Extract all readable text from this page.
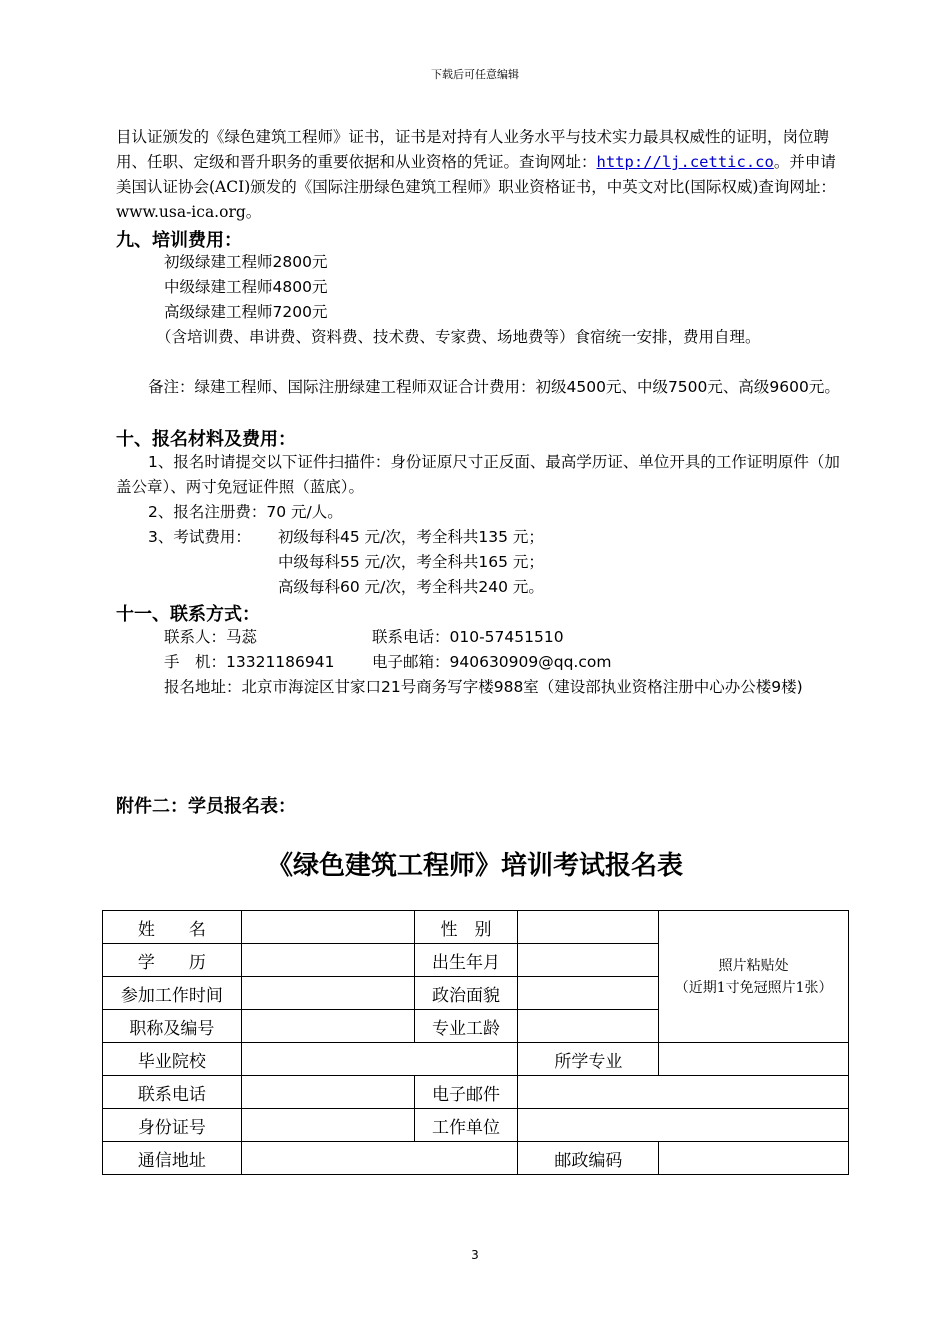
下载后可任意编辑
目认证颁发的《绿色建筑工程师》证书，证书是对持有人业务水平与技术实力最具权威性的证明，岗位聘用、任职、定级和晋升职务的重要依据和从业资格的凭证。查询网址：http://lj.cettic.co。并申请美国认证协会(ACI)颁发的《国际注册绿色建筑工程师》职业资格证书，中英文对比(国际权威)查询网址：www.usa-ica.org。
九、培训费用：
初级绿建工程师2800元
中级绿建工程师4800元
高级绿建工程师7200元
（含培训费、串讲费、资料费、技术费、专家费、场地费等）食宿统一安排，费用自理。
备注：绿建工程师、国际注册绿建工程师双证合计费用：初级4500元、中级7500元、高级9600元。
十、报名材料及费用：
1、报名时请提交以下证件扫描件：身份证原尺寸正反面、最高学历证、单位开具的工作证明原件（加盖公章）、两寸免冠证件照（蓝底）。
2、报名注册费：70 元/人。
3、考试费用： 初级每科45 元/次，考全科共135 元；
中级每科55 元/次，考全科共165 元；
高级每科60 元/次，考全科共240 元。
十一、联系方式：
联系人：马蕊	联系电话：010-57451510
手　机：13321186941 电子邮箱：940630909@qq.com
报名地址：北京市海淀区甘家口21号商务写字楼988室（建设部执业资格注册中心办公楼9楼)
附件二：学员报名表：
《绿色建筑工程师》培训考试报名表
姓　　名		性　别		照片粘贴处
（近期1寸免冠照片1张）

学　　历		出生年月		
参加工作时间		政治面貌		
职称及编号		专业工龄		
毕业院校			所学专业	
联系电话		电子邮件		
身份证号		工作单位		
通信地址			邮政编码	
3
